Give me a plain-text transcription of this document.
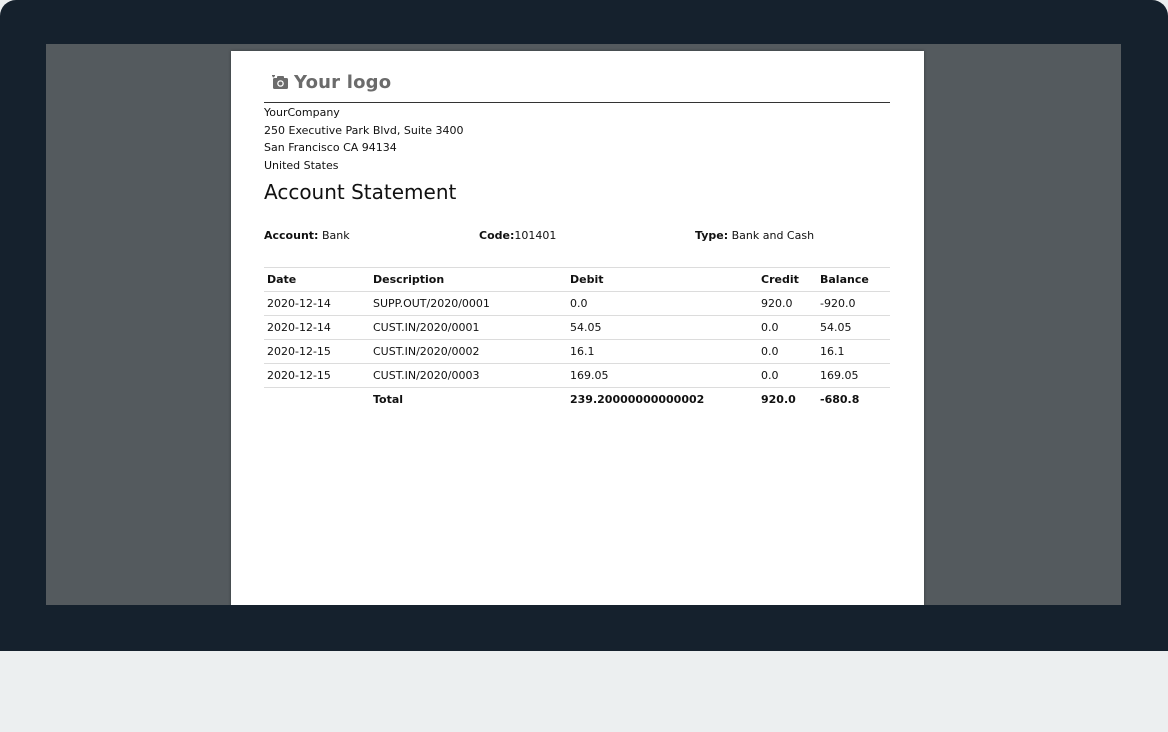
Your logo
YourCompany
250 Executive Park Blvd, Suite 3400
San Francisco CA 94134
United States
Account Statement
Account: Bank	Code:101401	Type: Bank and Cash
Date	Description	Debit	Credit	Balance
2020-12-14	SUPP.OUT/2020/0001	0.0	920.0	-920.0
2020-12-14	CUST.IN/2020/0001	54.05	0.0	54.05
2020-12-15	CUST.IN/2020/0002	16.1	0.0	16.1
2020-12-15	CUST.IN/2020/0003	169.05	0.0	169.05
	Total	239.20000000000002	920.0	-680.8
